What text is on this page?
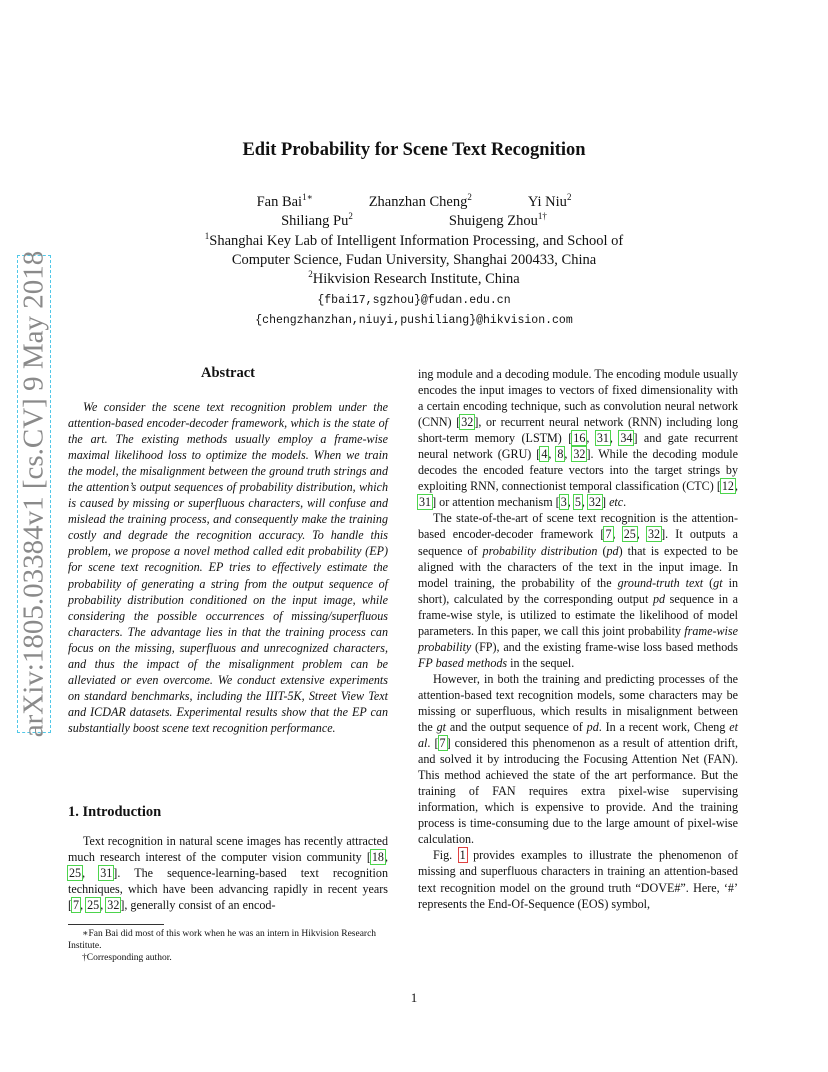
arXiv:1805.03384v1 [cs.CV] 9 May 2018
Edit Probability for Scene Text Recognition
Fan Bai$^{1∗}$	Zhanzhan Cheng$^2$	Yi Niu$^2$
Shiliang Pu$^2$	Shuigeng Zhou$^{1\dagger}$
$^1$Shanghai Key Lab of Intelligent Information Processing, and School of
Computer Science, Fudan University, Shanghai 200433, China
$^2$Hikvision Research Institute, China
{fbai17,sgzhou}@fudan.edu.cn
{chengzhanzhan,niuyi,pushiliang}@hikvision.com
Abstract
We consider the scene text recognition problem under the attention-based encoder-decoder framework, which is the state of the art. The existing methods usually employ a frame-wise maximal likelihood loss to optimize the models. When we train the model, the misalignment between the ground truth strings and the attention’s output sequences of probability distribution, which is caused by missing or superfluous characters, will confuse and mislead the training process, and consequently make the training costly and degrade the recognition accuracy. To handle this problem, we propose a novel method called edit probability (EP) for scene text recognition. EP tries to effectively estimate the probability of generating a string from the output sequence of probability distribution conditioned on the input image, while considering the possible occurrences of missing/superfluous characters. The advantage lies in that the training process can focus on the missing, superfluous and unrecognized characters, and thus the impact of the misalignment problem can be alleviated or even overcome. We conduct extensive experiments on standard benchmarks, including the IIIT-5K, Street View Text and ICDAR datasets. Experimental results show that the EP can substantially boost scene text recognition performance.
1. Introduction

Text recognition in natural scene images has recently attracted much research interest of the computer vision community [18, 25, 31]. The sequence-learning-based text recognition techniques, which have been advancing rapidly in recent years [7, 25, 32], generally consist of an encod-

∗Fan Bai did most of this work when he was an intern in Hikvision Research Institute.

†Corresponding author.

ing module and a decoding module. The encoding module usually encodes the input images to vectors of fixed dimensionality with a certain encoding technique, such as convolution neural network (CNN) [32], or recurrent neural network (RNN) including long short-term memory (LSTM) [16, 31, 34] and gate recurrent neural network (GRU) [4, 8, 32]. While the decoding module decodes the encoded feature vectors into the target strings by exploiting RNN, connectionist temporal classification (CTC) [12, 31] or attention mechanism [3, 5, 32] etc.

The state-of-the-art of scene text recognition is the attention-based encoder-decoder framework [7, 25, 32]. It outputs a sequence of probability distribution (pd) that is expected to be aligned with the characters of the text in the input image. In model training, the probability of the ground-truth text (gt in short), calculated by the corresponding output pd sequence in a frame-wise style, is utilized to estimate the likelihood of model parameters. In this paper, we call this joint probability frame-wise probability (FP), and the existing frame-wise loss based methods FP based methods in the sequel.

However, in both the training and predicting processes of the attention-based text recognition models, some characters may be missing or superfluous, which results in misalignment between the gt and the output sequence of pd. In a recent work, Cheng et al. [7] considered this phenomenon as a result of attention drift, and solved it by introducing the Focusing Attention Net (FAN). This method achieved the state of the art performance. But the training of FAN requires extra pixel-wise supervising information, which is expensive to provide. And the training process is time-consuming due to the large amount of pixel-wise calculation.

Fig. 1 provides examples to illustrate the phenomenon of missing and superfluous characters in training an attention-based text recognition model on the ground truth “DOVE#”. Here, ‘#’ represents the End-Of-Sequence (EOS) symbol,

1
